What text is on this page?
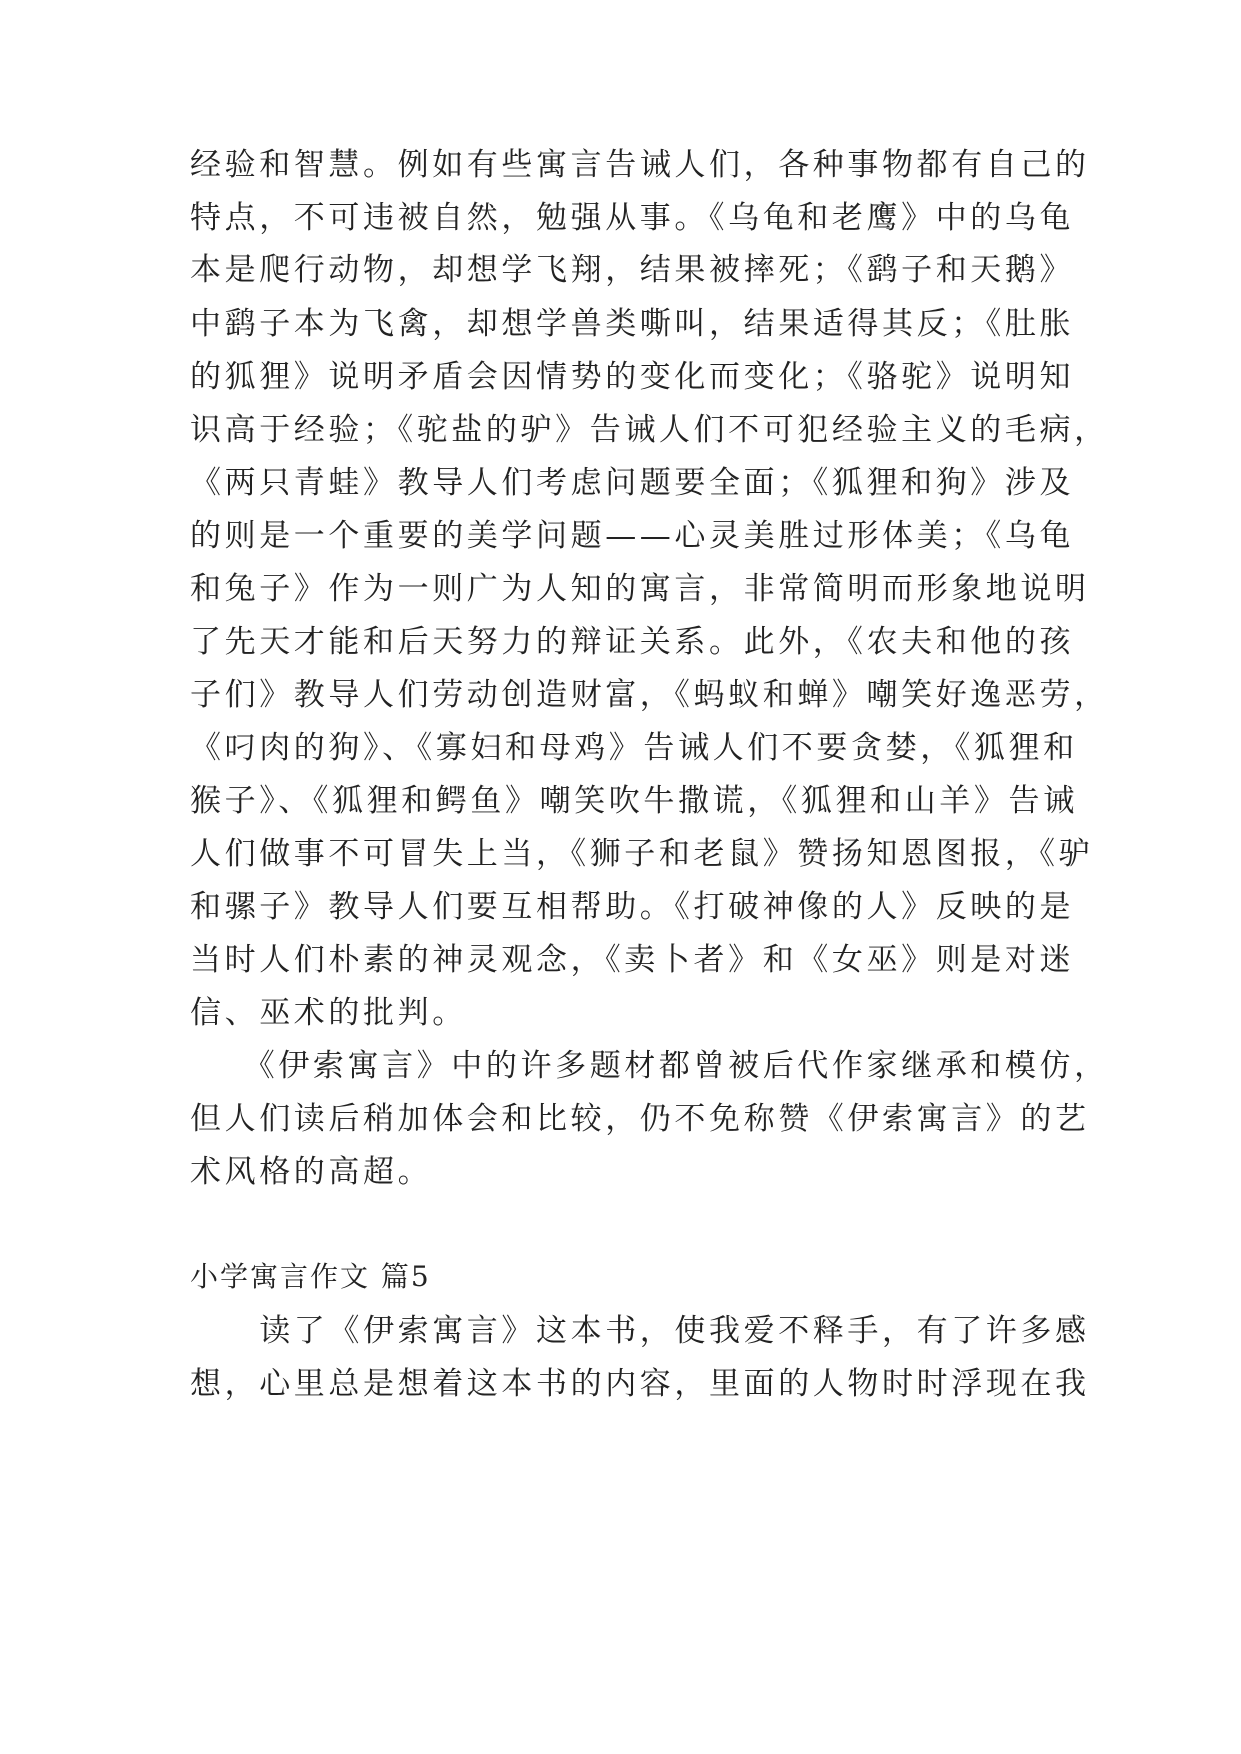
经验和智慧。例如有些寓言告诫人们，各种事物都有自己的
特点，不可违被自然，勉强从事。《乌龟和老鹰》中的乌龟
本是爬行动物，却想学飞翔，结果被摔死；《鹞子和天鹅》
中鹞子本为飞禽，却想学兽类嘶叫，结果适得其反；《肚胀
的狐狸》说明矛盾会因情势的变化而变化；《骆驼》说明知
识高于经验；《驼盐的驴》告诫人们不可犯经验主义的毛病，
《两只青蛙》教导人们考虑问题要全面；《狐狸和狗》涉及
的则是一个重要的美学问题——心灵美胜过形体美；《乌龟
和兔子》作为一则广为人知的寓言，非常简明而形象地说明
了先天才能和后天努力的辩证关系。此外，《农夫和他的孩
子们》教导人们劳动创造财富，《蚂蚁和蝉》嘲笑好逸恶劳，
《叼肉的狗》、《寡妇和母鸡》告诫人们不要贪婪，《狐狸和
猴子》、《狐狸和鳄鱼》嘲笑吹牛撒谎，《狐狸和山羊》告诫
人们做事不可冒失上当，《狮子和老鼠》赞扬知恩图报，《驴
和骡子》教导人们要互相帮助。《打破神像的人》反映的是
当时人们朴素的神灵观念，《卖卜者》和《女巫》则是对迷
信、巫术的批判。
　　《伊索寓言》中的许多题材都曾被后代作家继承和模仿，
但人们读后稍加体会和比较，仍不免称赞《伊索寓言》的艺
术风格的高超。
小学寓言作文 篇5
　　读了《伊索寓言》这本书，使我爱不释手，有了许多感
想，心里总是想着这本书的内容，里面的人物时时浮现在我
